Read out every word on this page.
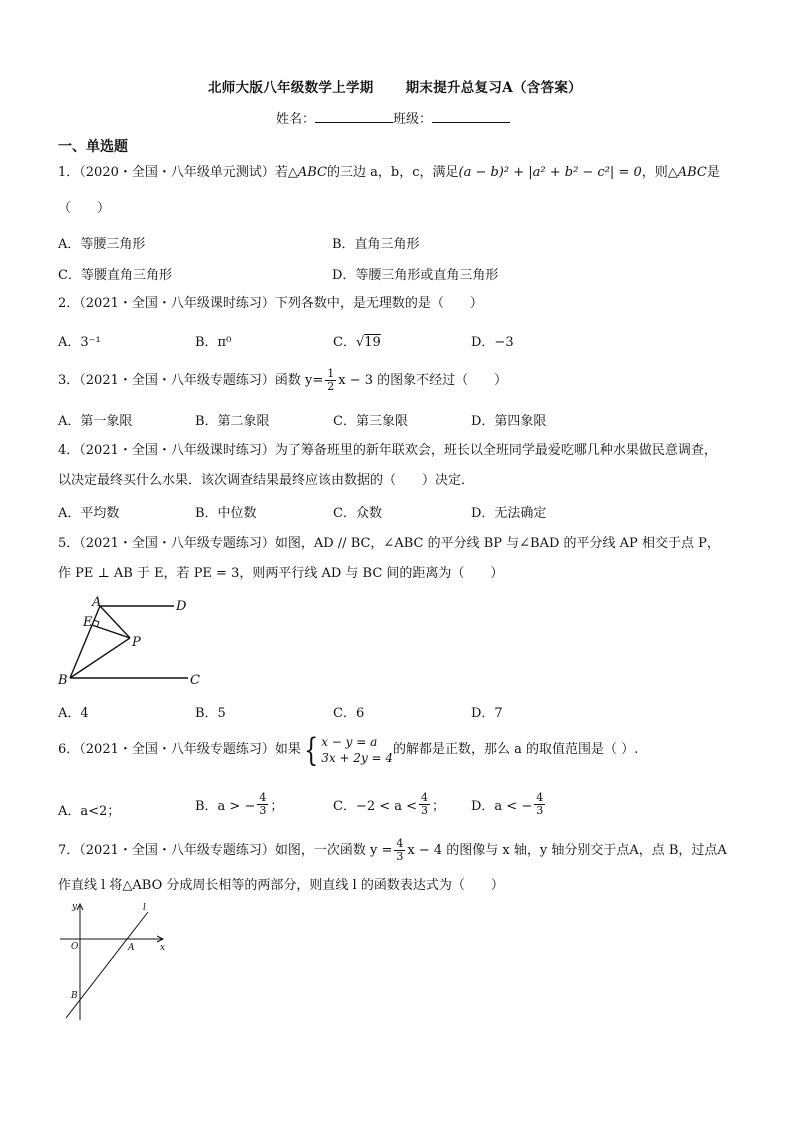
北师大版八年级数学上学期 期末提升总复习A（含答案）
姓名：	班级：
一、单选题
1．（2020・全国・八年级单元测试）若△ABC的三边 a，b，c，满足(a − b)² + |a² + b² − c²| = 0，则△ABC是
（　　）
A．等腰三角形	B．直角三角形
C．等腰直角三角形	D．等腰三角形或直角三角形
2．（2021・全国・八年级课时练习）下列各数中，是无理数的是（　　）
A．3⁻¹	B．π⁰	C．√19	D．−3
3．（2021・全国・八年级专题练习）函数 $y= \frac{1}{2}$ x − 3 的图象不经过（　　）
A．第一象限	B．第二象限	C．第三象限	D．第四象限
4．（2021・全国・八年级课时练习）为了筹备班里的新年联欢会，班长以全班同学最爱吃哪几种水果做民意调查，
以决定最终买什么水果．该次调查结果最终应该由数据的（　　）决定．
A．平均数	B．中位数	C．众数	D．无法确定
5．（2021・全国・八年级专题练习）如图，AD // BC，∠ABC 的平分线 BP 与∠BAD 的平分线 AP 相交于点 P，
作 PE ⊥ AB 于 E，若 PE = 3，则两平行线 AD 与 BC 间的距离为（　　）
A	D
E
P
B	C
A．4	B．5	C．6	D．7
6．（2021・全国・八年级专题练习）如果 { x − y = a
3x + 2y = 4
的解都是正数，那么 a 的取值范围是（ ）.
A．a<2；	B．a > − $\frac{4}{3}$ ；	C．$-2 < a < \frac{4}{3}$ ； D．a < − $\frac{4}{3}$
7．（2021・全国・八年级专题练习）如图，一次函数 $y = \frac{4}{3}$ x − 4 的图像与 x 轴，y 轴分别交于点A，点 B，过点A
作直线 l 将△ABO 分成周长相等的两部分，则直线 l 的函数表达式为（　　）
y
x
O	A
B
l
